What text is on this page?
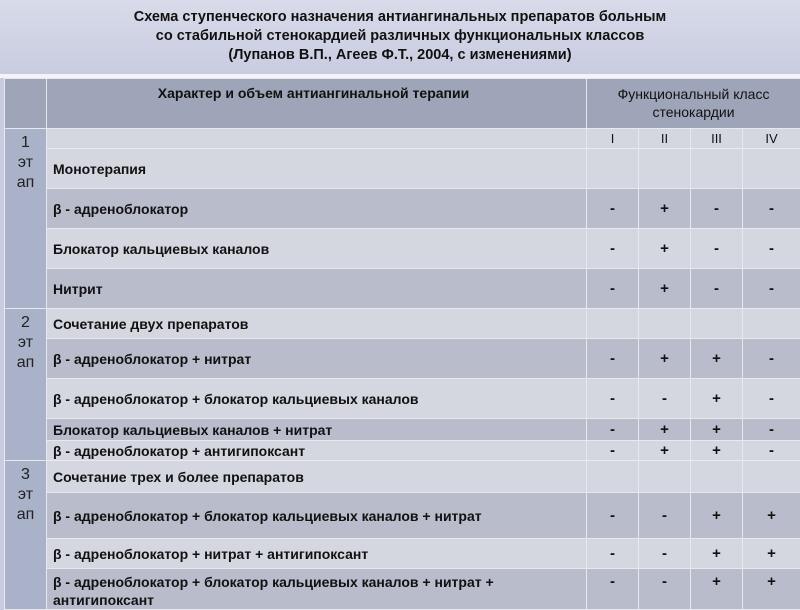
Схема ступенческого назначения антиангинальных препаратов больным
со стабильной стенокардией различных функциональных классов
(Лупанов В.П., Агеев Ф.Т., 2004, с изменениями)
	Характер и объем антиангинальной терапии	Функциональный класс стенокардии			

1
эт ап		I	II	III	IV
	Монотерапия				
	β - адреноблокатор	-	+	-	-
	Блокатор кальциевых каналов	-	+	-	-
	Нитрит	-	+	-	-

2
эт ап	Сочетание двух препаратов				
	β - адреноблокатор + нитрат	-	+	+	-
	β - адреноблокатор + блокатор кальциевых каналов	-	-	+	-
	Блокатор кальциевых каналов + нитрат	-	+	+	-
	β - адреноблокатор + антигипоксант	-	+	+	-

3
эт ап	Сочетание трех и более препаратов				
	β - адреноблокатор + блокатор кальциевых каналов + нитрат	-	-	+	+
	β - адреноблокатор + нитрат + антигипоксант	-	-	+	+
	β - адреноблокатор + блокатор кальциевых каналов + нитрат + антигипоксант	-	-	+	+
